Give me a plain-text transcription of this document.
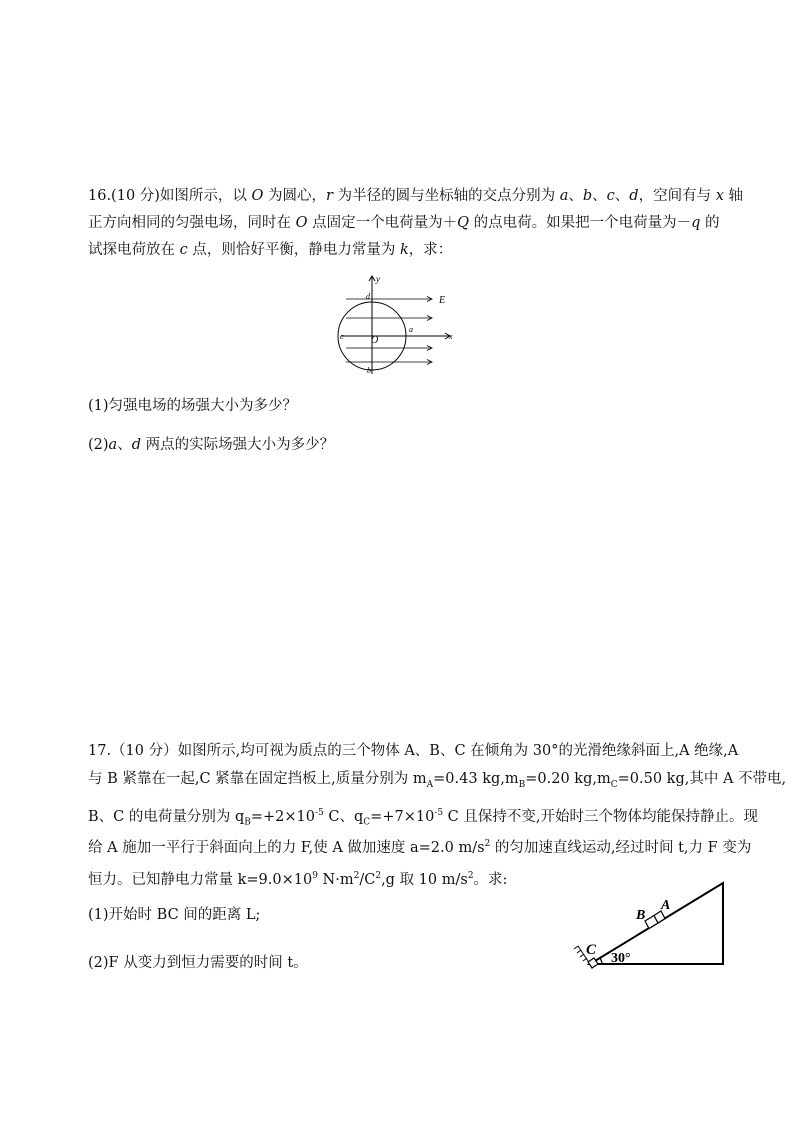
16.(10 分)如图所示，以 O 为圆心，r 为半径的圆与坐标轴的交点分别为 a、b、c、d，空间有与 x 轴
正方向相同的匀强电场，同时在 O 点固定一个电荷量为＋Q 的点电荷。如果把一个电荷量为－q 的
试探电荷放在 c 点，则恰好平衡，静电力常量为 k，求：
y
E
d
a
x
c	O
b
(1)匀强电场的场强大小为多少？
(2)a、d 两点的实际场强大小为多少？
17.（10 分）如图所示,均可视为质点的三个物体 A、B、C 在倾角为 30°的光滑绝缘斜面上,A 绝缘,A
与 B 紧靠在一起,C 紧靠在固定挡板上,质量分别为 $m_A=0.43$ $kg,m_B=0.20$ $kg,m_C=0.50$ kg,其中 A 不带电,
B、C 的电荷量分别为 $q_B=+2\times 10^{-5}$ C、$q_C=+7\times 10^{-5}$ C 且保持不变,开始时三个物体均能保持静止。现
给 A 施加一平行于斜面向上的力 F,使 A 做加速度 a=2.0 $m/s^2$ 的匀加速直线运动,经过时间 t,力 F 变为
恒力。已知静电力常量 $k=9.0\times 10^9$ $N\cdot m^2/C^2,g$ 取 10 $m/s^2$。求:
(1)开始时 BC 间的距离 L;
(2)F 从变力到恒力需要的时间 t。
C
B
A
30°
